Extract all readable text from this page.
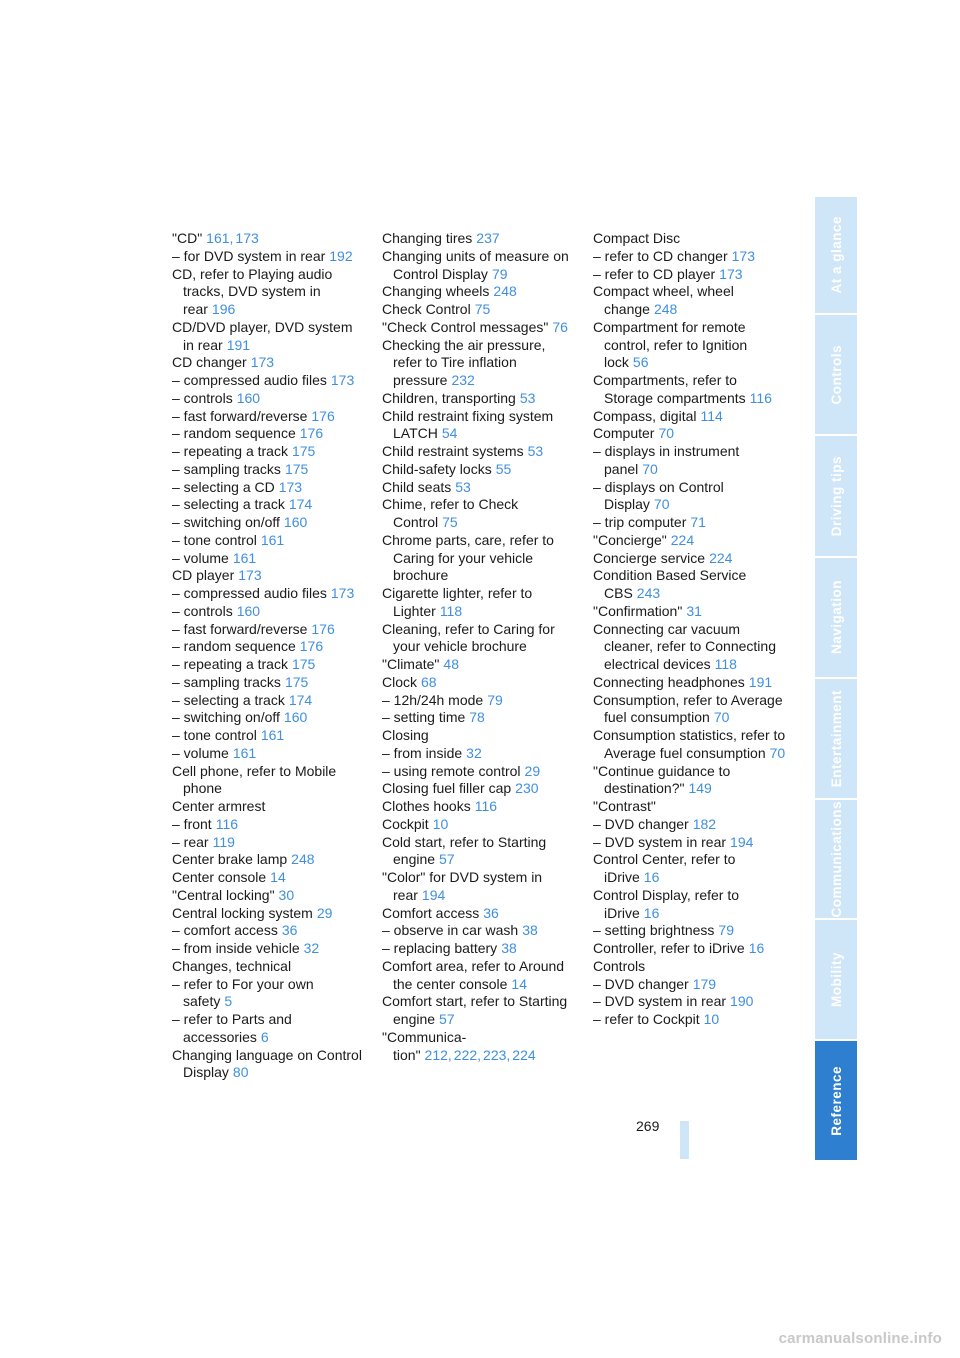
"CD" 161, 173
– for DVD system in rear 192
CD, refer to Playing audio tracks, DVD system in rear 196
CD/DVD player, DVD system in rear 191
CD changer 173
– compressed audio files 173
– controls 160
– fast forward/reverse 176
– random sequence 176
– repeating a track 175
– sampling tracks 175
– selecting a CD 173
– selecting a track 174
– switching on/off 160
– tone control 161
– volume 161
CD player 173
– compressed audio files 173
– controls 160
– fast forward/reverse 176
– random sequence 176
– repeating a track 175
– sampling tracks 175
– selecting a track 174
– switching on/off 160
– tone control 161
– volume 161
Cell phone, refer to Mobile phone
Center armrest
– front 116
– rear 119
Center brake lamp 248
Center console 14
"Central locking" 30
Central locking system 29
– comfort access 36
– from inside vehicle 32
Changes, technical
– refer to For your own safety 5
– refer to Parts and accessories 6
Changing language on Control Display 80
Changing tires 237
Changing units of measure on Control Display 79
Changing wheels 248
Check Control 75
"Check Control messages" 76
Checking the air pressure, refer to Tire inflation pressure 232
Children, transporting 53
Child restraint fixing system LATCH 54
Child restraint systems 53
Child-safety locks 55
Child seats 53
Chime, refer to Check Control 75
Chrome parts, care, refer to Caring for your vehicle brochure
Cigarette lighter, refer to Lighter 118
Cleaning, refer to Caring for your vehicle brochure
"Climate" 48
Clock 68
– 12h/24h mode 79
– setting time 78
Closing
– from inside 32
– using remote control 29
Closing fuel filler cap 230
Clothes hooks 116
Cockpit 10
Cold start, refer to Starting engine 57
"Color" for DVD system in rear 194
Comfort access 36
– observe in car wash 38
– replacing battery 38
Comfort area, refer to Around the center console 14
Comfort start, refer to Starting engine 57
"Communica- tion" 212, 222, 223, 224
Compact Disc
– refer to CD changer 173
– refer to CD player 173
Compact wheel, wheel change 248
Compartment for remote control, refer to Ignition lock 56
Compartments, refer to Storage compartments 116
Compass, digital 114
Computer 70
– displays in instrument panel 70
– displays on Control Display 70
– trip computer 71
"Concierge" 224
Concierge service 224
Condition Based Service CBS 243
"Confirmation" 31
Connecting car vacuum cleaner, refer to Connecting electrical devices 118
Connecting headphones 191
Consumption, refer to Average fuel consumption 70
Consumption statistics, refer to Average fuel consumption 70
"Continue guidance to destination?" 149
"Contrast"
– DVD changer 182
– DVD system in rear 194
Control Center, refer to iDrive 16
Control Display, refer to iDrive 16
– setting brightness 79
Controller, refer to iDrive 16
Controls
– DVD changer 179
– DVD system in rear 190
– refer to Cockpit 10
269
At a glance
Controls
Driving tips
Navigation
Entertainment
Communications
Mobility
Reference
carmanualsonline.info
